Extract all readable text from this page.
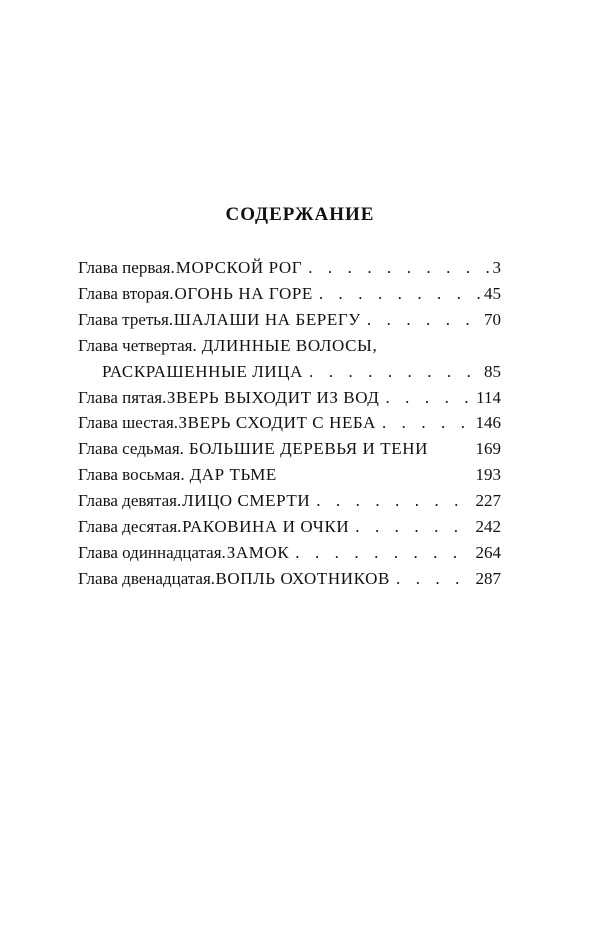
СОДЕРЖАНИЕ
Глава первая. МОРСКОЙ РОГ . . .	3
Глава вторая. ОГОНЬ НА ГОРЕ . . .	45
Глава третья. ШАЛАШИ НА БЕРЕГУ . . .	70
Глава четвертая. ДЛИННЫЕ ВОЛОСЫ,
РАСКРАШЕННЫЕ ЛИЦА . . .	85
Глава пятая. ЗВЕРЬ ВЫХОДИТ ИЗ ВОД . . .	114
Глава шестая. ЗВЕРЬ СХОДИТ С НЕБА . . .	146
Глава седьмая. БОЛЬШИЕ ДЕРЕВЬЯ И ТЕНИ	169
Глава восьмая. ДАР ТЬМЕ	193
Глава девятая. ЛИЦО СМЕРТИ . . .	227
Глава десятая. РАКОВИНА И ОЧКИ . . .	242
Глава одиннадцатая. ЗАМОК . . .	264
Глава двенадцатая. ВОПЛЬ ОХОТНИКОВ . . .	287
